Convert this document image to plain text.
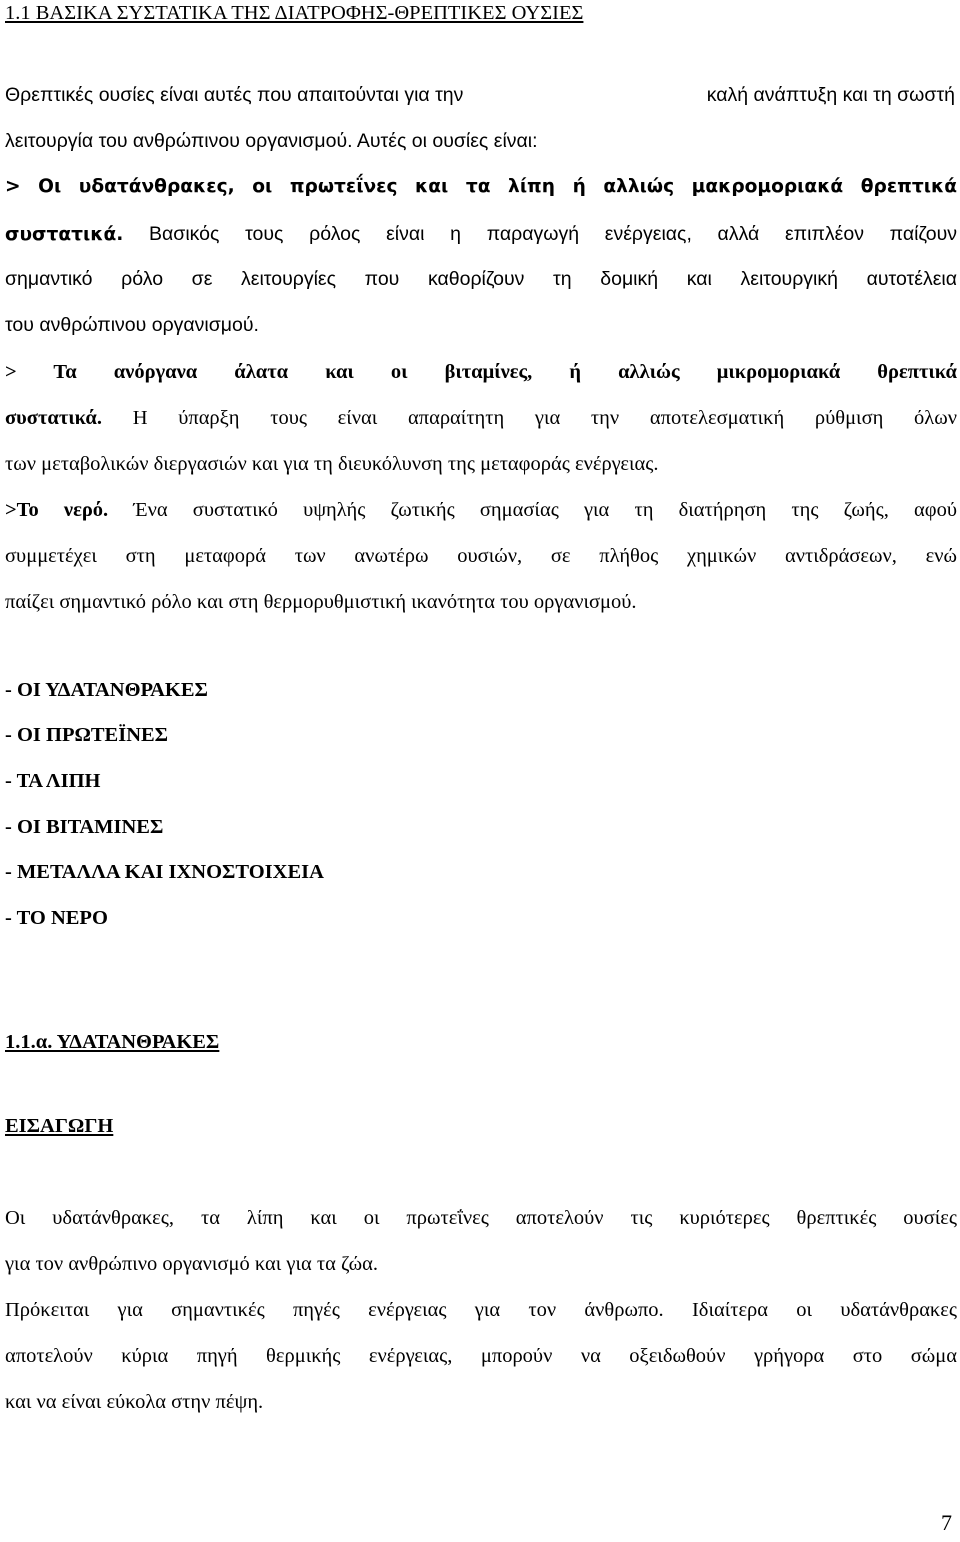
1.1 ΒΑΣΙΚΑ ΣΥΣΤΑΤΙΚΑ ΤΗΣ ΔΙΑΤΡΟΦΗΣ-ΘΡΕΠΤΙΚΕΣ ΟΥΣΙΕΣ
Θρεπτικές ουσίες είναι αυτές που απαιτούνται για την	καλή ανάπτυξη και τη σωστή
λειτουργία του ανθρώπινου οργανισμού. Αυτές οι ουσίες είναι:
> Οι υδατάνθρακες, οι πρωτεΐνες και τα λίπη ή αλλιώς μακρομοριακά θρεπτικά
συστατικά. Βασικός τους ρόλος είναι η παραγωγή ενέργειας, αλλά επιπλέον παίζουν
σημαντικό ρόλο σε λειτουργίες που καθορίζουν τη δομική και λειτουργική αυτοτέλεια
του ανθρώπινου οργανισμού.
> Τα ανόργανα άλατα και οι βιταμίνες, ή αλλιώς μικρομοριακά θρεπτικά
συστατικά. Η ύπαρξη τους είναι απαραίτητη για την αποτελεσματική ρύθμιση όλων
των μεταβολικών διεργασιών και για τη διευκόλυνση της μεταφοράς ενέργειας.
>Το νερό. Ένα συστατικό υψηλής ζωτικής σημασίας για τη διατήρηση της ζωής, αφού
συμμετέχει στη μεταφορά των ανωτέρω ουσιών, σε πλήθος χημικών αντιδράσεων, ενώ
παίζει σημαντικό ρόλο και στη θερμορυθμιστική ικανότητα του οργανισμού.
- ΟΙ ΥΔΑΤΑΝΘΡΑΚΕΣ
- ΟΙ ΠΡΩΤΕΪΝΕΣ
- ΤΑ ΛΙΠΗ
- ΟΙ ΒΙΤΑΜΙΝΕΣ
- ΜΕΤΑΛΛΑ ΚΑΙ ΙΧΝΟΣΤΟΙΧΕΙΑ
- ΤΟ ΝΕΡΟ
1.1.α. ΥΔΑΤΑΝΘΡΑΚΕΣ
ΕΙΣΑΓΩΓΗ
Οι υδατάνθρακες, τα λίπη και οι πρωτεΐνες αποτελούν τις κυριότερες θρεπτικές ουσίες
για τον ανθρώπινο οργανισμό και για τα ζώα.
Πρόκειται για σημαντικές πηγές ενέργειας για τον άνθρωπο. Ιδιαίτερα οι υδατάνθρακες
αποτελούν κύρια πηγή θερμικής ενέργειας, μπορούν να οξειδωθούν γρήγορα στο σώμα
και να είναι εύκολα στην πέψη.
7
